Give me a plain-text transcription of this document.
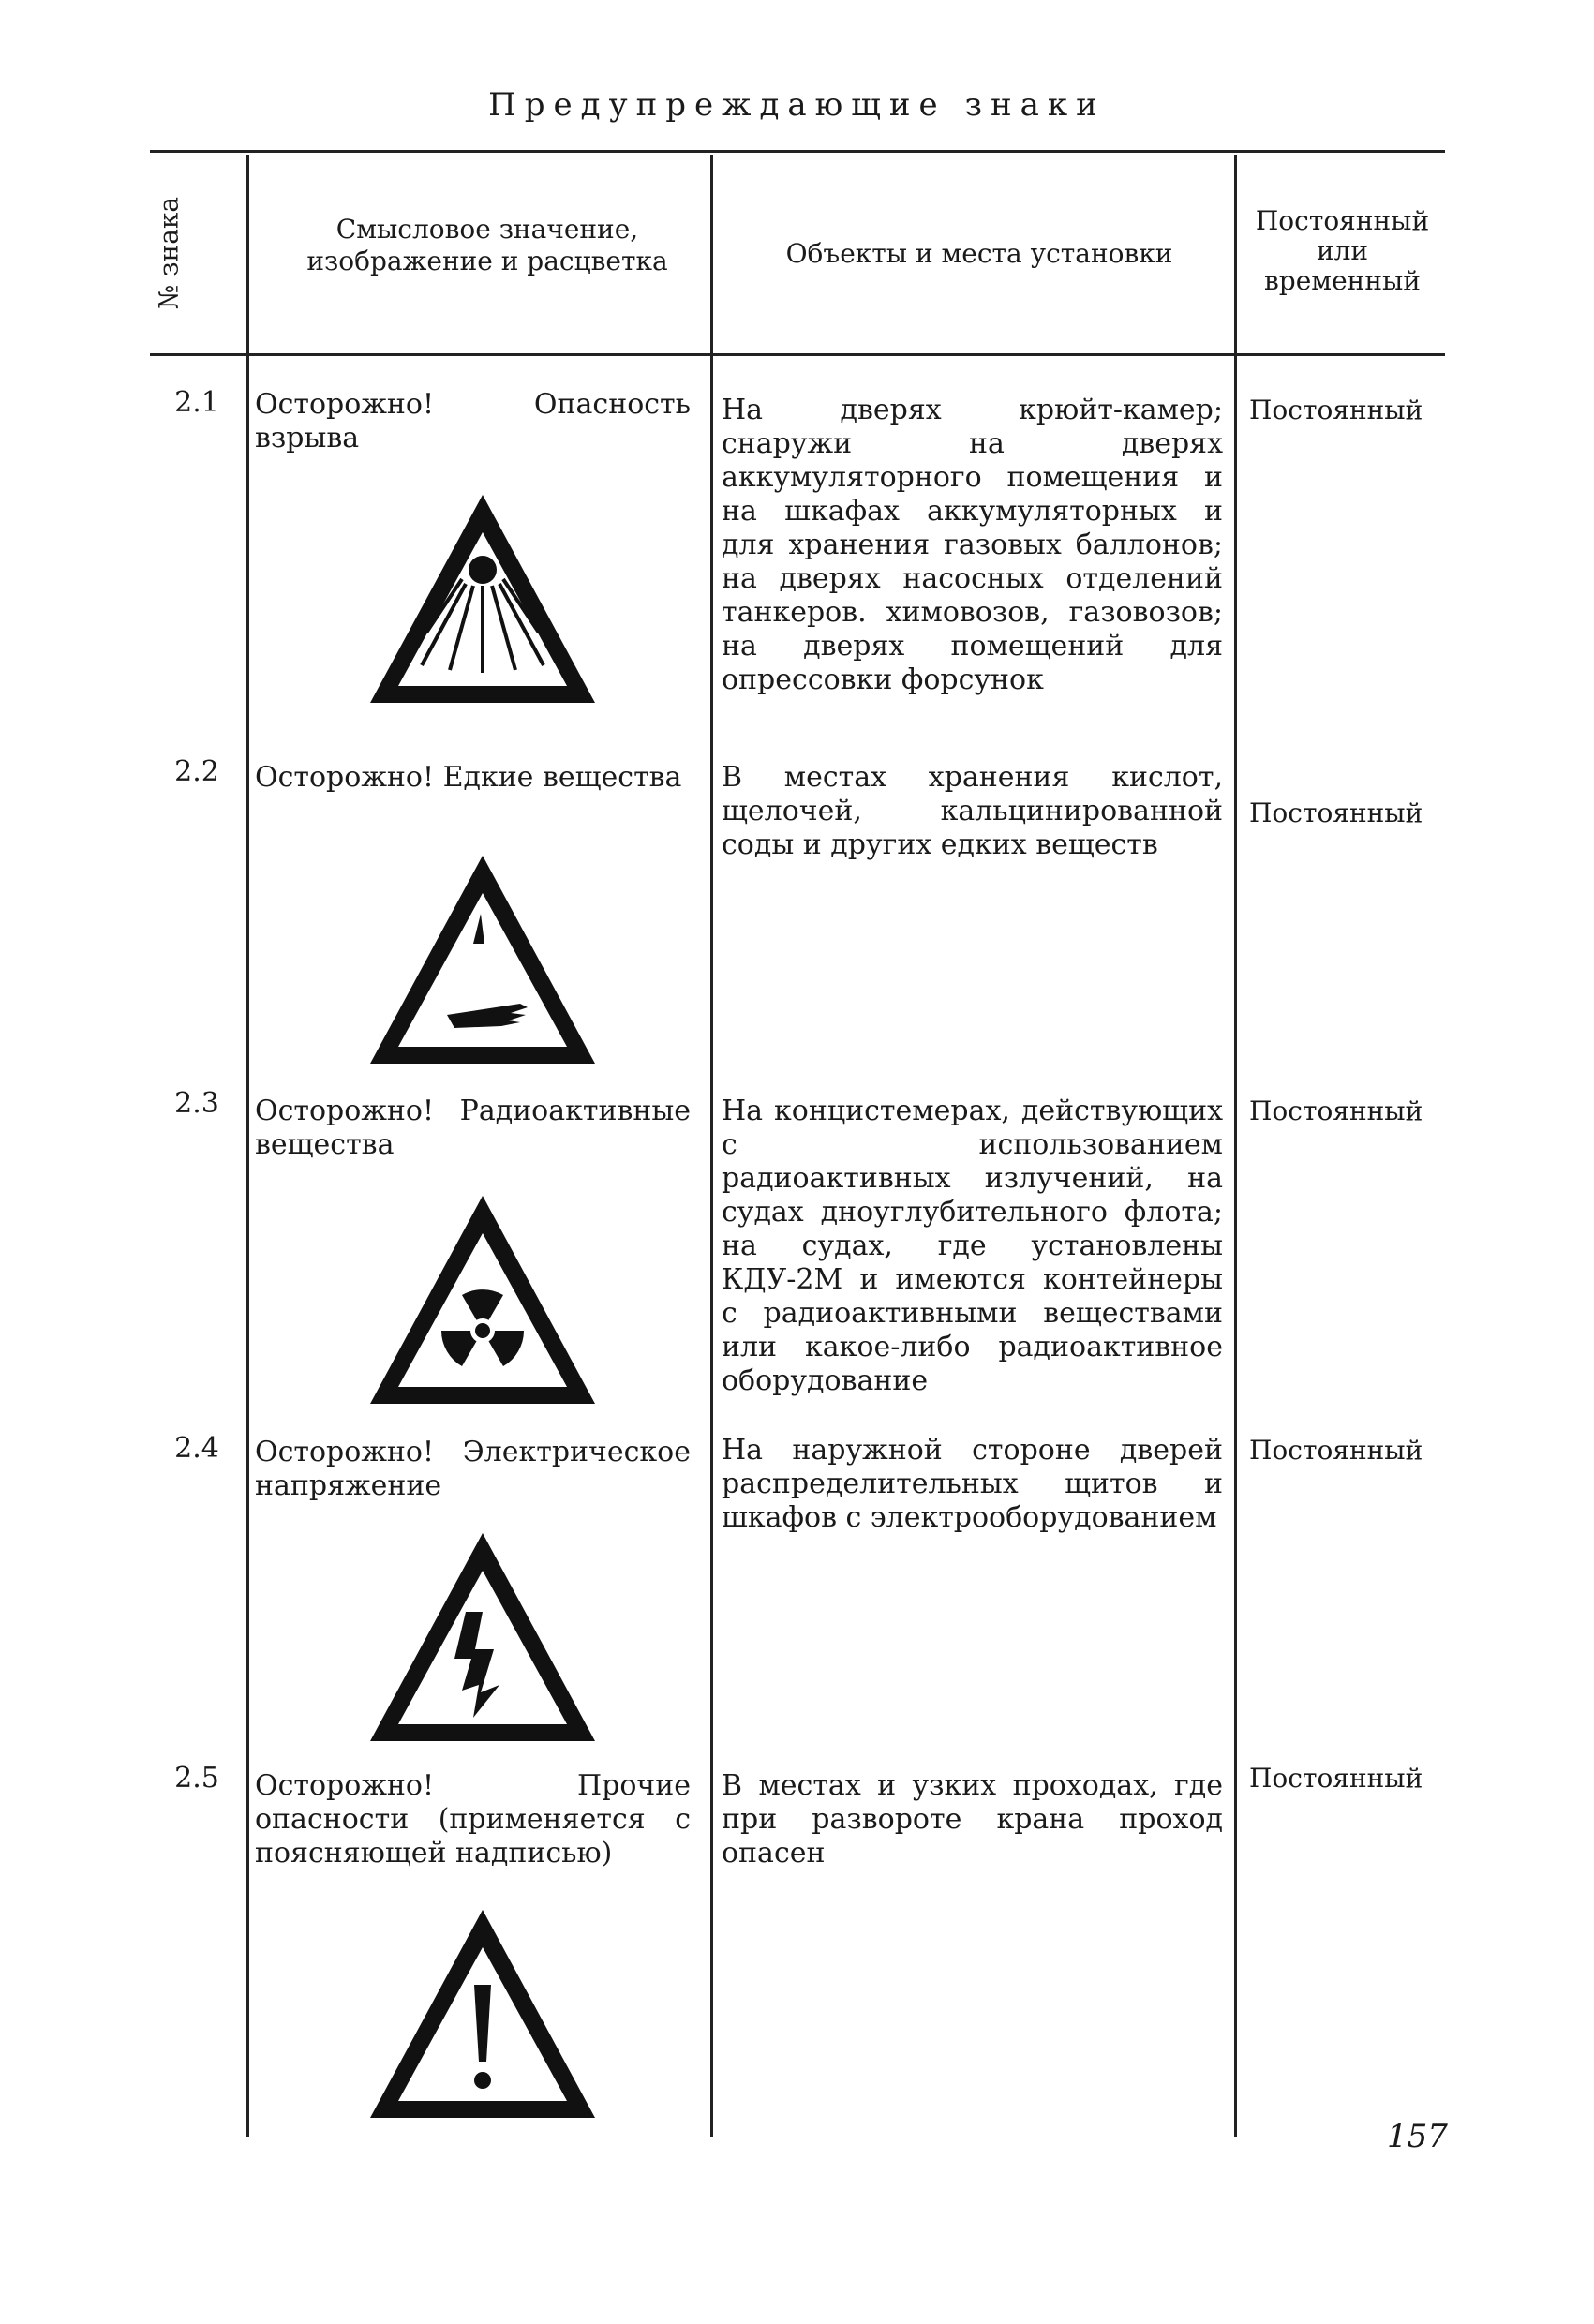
Предупреждающие знаки
№ знака	Смысловое значение, изображение и расцветка	Объекты и места установки
Постоянный или временный
2.1	Осторожно! Опасность взрыва
На дверях крюйт-камер; снаружи на дверях аккумуляторного помещения и на шкафах аккумуляторных и для хранения газовых баллонов; на дверях насосных отделений танкеров. химовозов, газовозов; на дверях помещений для опрессовки форсунок
Постоянный
2.2	Осторожно! Едкие вещества	В местах хранения кислот, щелочей, кальцинированной соды и других едких веществ
Постоянный
2.3	Осторожно! Радиоактивные вещества
На концистемерах, действующих с использованием радиоактивных излучений, на судах дноуглубительного флота; на судах, где установлены КДУ-2М и имеются контейнеры с радиоактивными веществами или какое-либо радиоактивное оборудование
Постоянный
2.4	Осторожно! Электрическое напряжение
На наружной стороне дверей распределительных щитов и шкафов с электрооборудованием
Постоянный
2.5	Осторожно! Прочие опасности (применяется с поясняющей надписью)
В местах и узких проходах, где при развороте крана проход опасен
Постоянный
157
